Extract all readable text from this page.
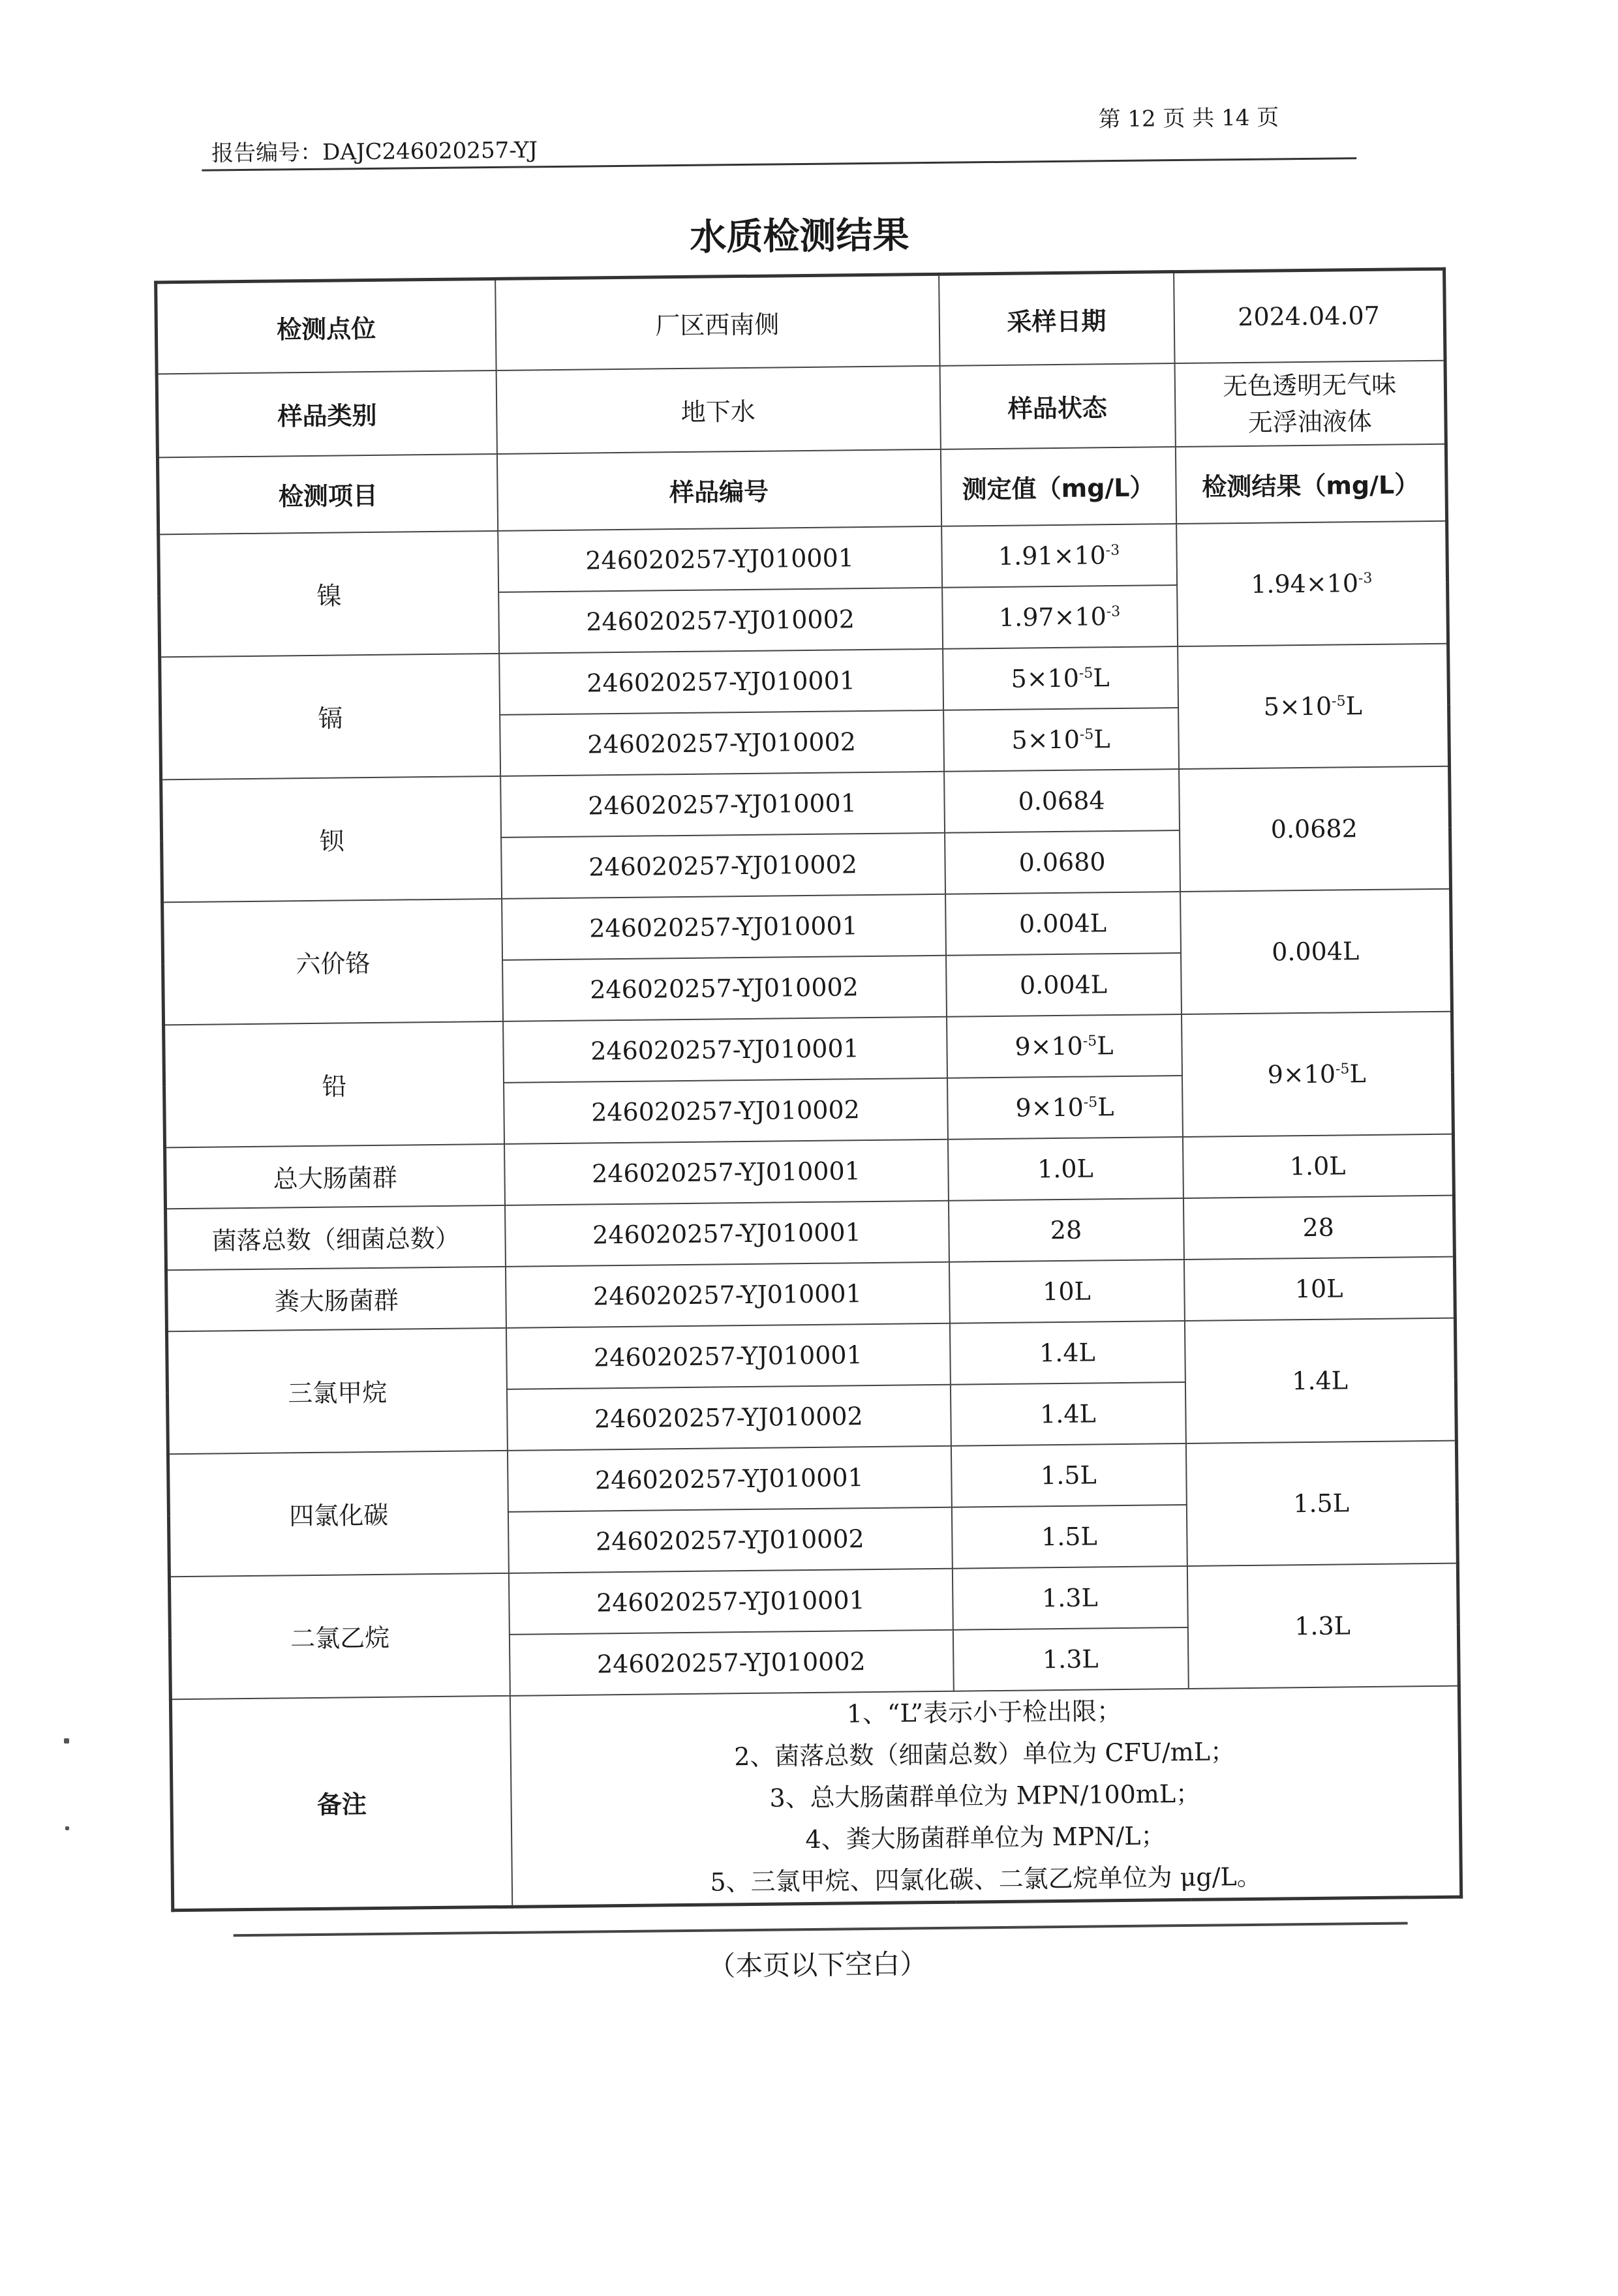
报告编号：DAJC246020257-YJ
第 12 页 共 14 页
水质检测结果
检测点位	厂区西南侧	采样日期	2024.04.07
样品类别	地下水	样品状态	无色透明无气味
无浮油液体

检测项目	样品编号	测定值（mg/L）	检测结果（mg/L）
镍	246020257-YJ010001	$1.91\times 10^{-3}$	$1.94\times 10^{-3}$
	246020257-YJ010002	$1.97\times 10^{-3}$
镉	246020257-YJ010001	$5\times 10^{-5}L$	$5\times 10^{-5}L$
	246020257-YJ010002	$5\times 10^{-5}L$	
钡	246020257-YJ010001	0.0684	0.0682
	246020257-YJ010002	0.0680	
六价铬	246020257-YJ010001	0.004L	0.004L
	246020257-YJ010002	0.004L	
铅	246020257-YJ010001	$9\times 10^{-5}L$	$9\times 10^{-5}L$
	246020257-YJ010002	$9\times 10^{-5}L$	
总大肠菌群	246020257-YJ010001	1.0L	1.0L
菌落总数（细菌总数）	246020257-YJ010001	28	28
粪大肠菌群	246020257-YJ010001	10L	10L
三氯甲烷	246020257-YJ010001	1.4L	1.4L
	246020257-YJ010002	1.4L	
四氯化碳	246020257-YJ010001	1.5L	1.5L
	246020257-YJ010002	1.5L	
二氯乙烷	246020257-YJ010001	1.3L	1.3L
	246020257-YJ010002	1.3L	
备注	1、“L”表示小于检出限；
2、菌落总数（细菌总数）单位为 CFU/mL；
3、总大肠菌群单位为 MPN/100mL；
4、粪大肠菌群单位为 MPN/L；
5、三氯甲烷、四氯化碳、二氯乙烷单位为 μg/L。		
（本页以下空白）
